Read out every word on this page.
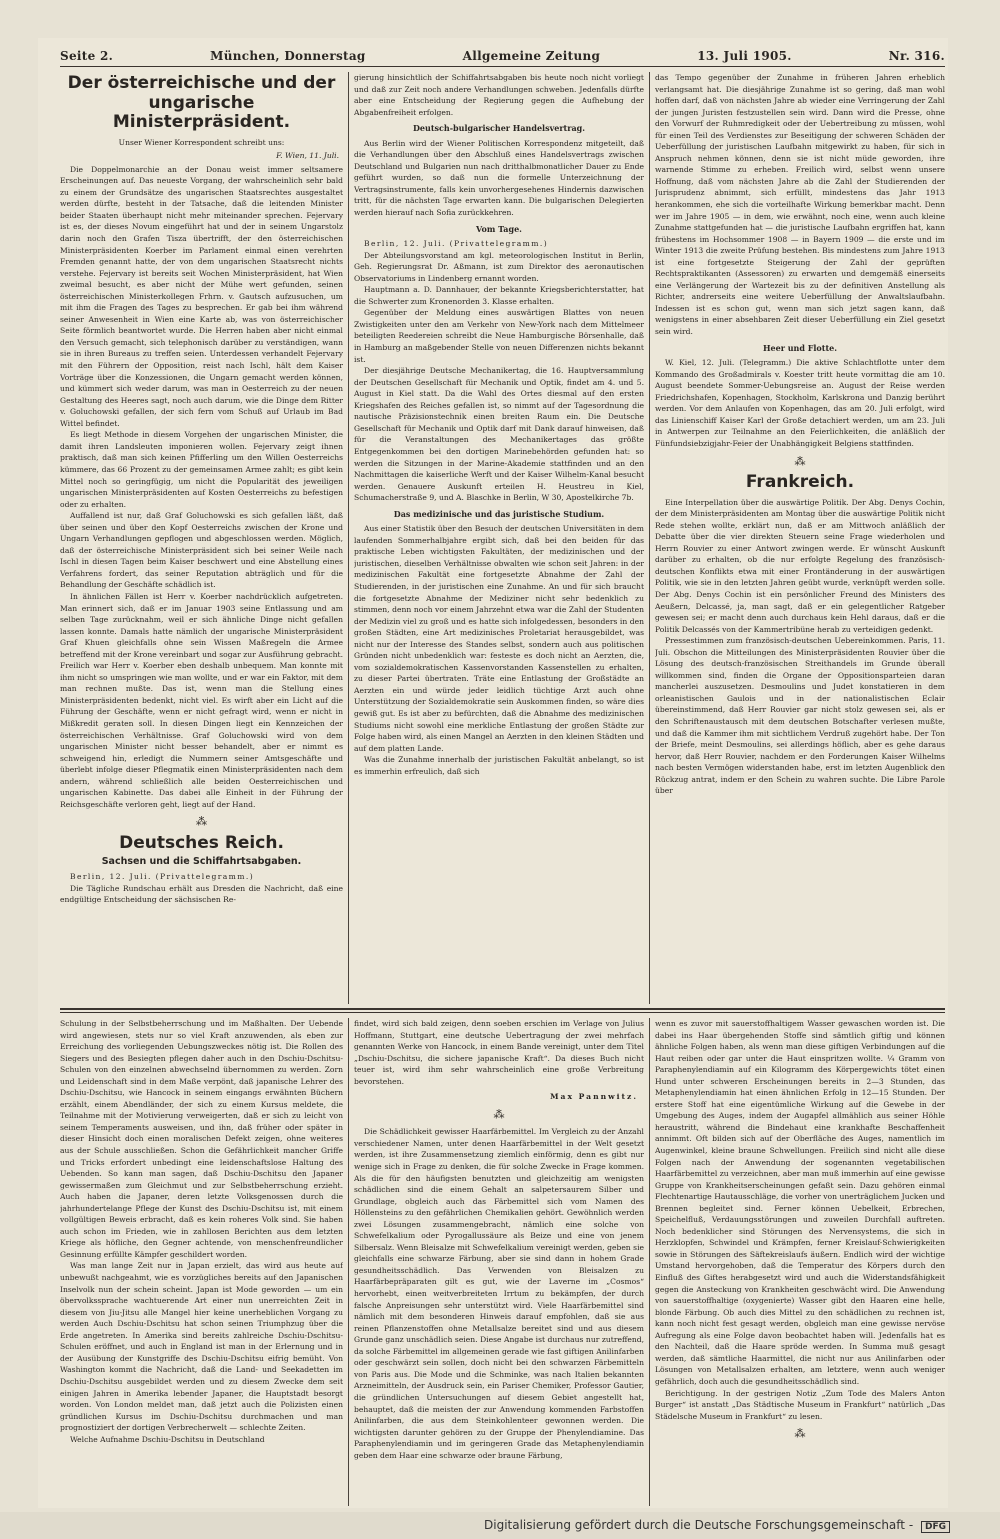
Seite 2.	München, Donnerstag	Allgemeine Zeitung	13. Juli 1905.	Nr. 316.
Der österreichische und der ungarische Ministerpräsident.

Unser Wiener Korrespondent schreibt uns:

F. Wien, 11. Juli.

Die Doppelmonarchie an der Donau weist immer seltsamere Erscheinungen auf. Das neueste Vorgang, der wahrscheinlich sehr bald zu einem der Grundsätze des ungarischen Staatsrechtes ausgestaltet werden dürfte, besteht in der Tatsache, daß die leitenden Minister beider Staaten überhaupt nicht mehr miteinander sprechen. Fejervary ist es, der dieses Novum eingeführt hat und der in seinem Ungarstolz darin noch den Grafen Tisza übertrifft, der den österreichischen Ministerpräsidenten Koerber im Parlament einmal einen verehrten Fremden genannt hatte, der von dem ungarischen Staatsrecht nichts verstehe. Fejervary ist bereits seit Wochen Ministerpräsident, hat Wien zweimal besucht, es aber nicht der Mühe wert gefunden, seinen österreichischen Ministerkollegen Frhrn. v. Gautsch aufzusuchen, um mit ihm die Fragen des Tages zu besprechen. Er gab bei ihm während seiner Anwesenheit in Wien eine Karte ab, was von österreichischer Seite förmlich beantwortet wurde. Die Herren haben aber nicht einmal den Versuch gemacht, sich telephonisch darüber zu verständigen, wann sie in ihren Bureaus zu treffen seien. Unterdessen verhandelt Fejervary mit den Führern der Opposition, reist nach Ischl, hält dem Kaiser Vorträge über die Konzessionen, die Ungarn gemacht werden können, und kümmert sich weder darum, was man in Oesterreich zu der neuen Gestaltung des Heeres sagt, noch auch darum, wie die Dinge dem Ritter v. Goluchowski gefallen, der sich fern vom Schuß auf Urlaub im Bad Wittel befindet.

Es liegt Methode in diesem Vorgehen der ungarischen Minister, die damit ihren Landsleuten imponieren wollen. Fejervary zeigt ihnen praktisch, daß man sich keinen Pfifferling um den Willen Oesterreichs kümmere, das 66 Prozent zu der gemeinsamen Armee zahlt; es gibt kein Mittel noch so geringfügig, um nicht die Popularität des jeweiligen ungarischen Ministerpräsidenten auf Kosten Oesterreichs zu befestigen oder zu erhalten.

Auffallend ist nur, daß Graf Goluchowski es sich gefallen läßt, daß über seinen und über den Kopf Oesterreichs zwischen der Krone und Ungarn Verhandlungen gepflogen und abgeschlossen werden. Möglich, daß der österreichische Ministerpräsident sich bei seiner Weile nach Ischl in diesen Tagen beim Kaiser beschwert und eine Abstellung eines Verfahrens fordert, das seiner Reputation abträglich und für die Behandlung der Geschäfte schädlich ist.

In ähnlichen Fällen ist Herr v. Koerber nachdrücklich aufgetreten. Man erinnert sich, daß er im Januar 1903 seine Entlassung und am selben Tage zurücknahm, weil er sich ähnliche Dinge nicht gefallen lassen konnte. Damals hatte nämlich der ungarische Ministerpräsident Graf Khuen gleichfalls ohne sein Wissen Maßregeln die Armee betreffend mit der Krone vereinbart und sogar zur Ausführung gebracht. Freilich war Herr v. Koerber eben deshalb unbequem. Man konnte mit ihm nicht so umspringen wie man wollte, und er war ein Faktor, mit dem man rechnen mußte. Das ist, wenn man die Stellung eines Ministerpräsidenten bedenkt, nicht viel. Es wirft aber ein Licht auf die Führung der Geschäfte, wenn er nicht gefragt wird, wenn er nicht in Mißkredit geraten soll. In diesen Dingen liegt ein Kennzeichen der österreichischen Verhältnisse. Graf Goluchowski wird von dem ungarischen Minister nicht besser behandelt, aber er nimmt es schweigend hin, erledigt die Nummern seiner Amtsgeschäfte und überlebt infolge dieser Pflegmatik einen Ministerpräsidenten nach dem andern, während schließlich alle beiden Oesterreichischen und ungarischen Kabinette. Das dabei alle Einheit in der Führung der Reichsgeschäfte verloren geht, liegt auf der Hand.

⁂
Deutsches Reich.
Sachsen und die Schiffahrtsabgaben.

Berlin, 12. Juli. (Privattelegramm.)

Die Tägliche Rundschau erhält aus Dresden die Nachricht, daß eine endgültige Entscheidung der sächsischen Re-

gierung hinsichtlich der Schiffahrtsabgaben bis heute noch nicht vorliegt und daß zur Zeit noch andere Verhandlungen schweben. Jedenfalls dürfte aber eine Entscheidung der Regierung gegen die Aufhebung der Abgabenfreiheit erfolgen.

Deutsch-bulgarischer Handelsvertrag.

Aus Berlin wird der Wiener Politischen Korrespondenz mitgeteilt, daß die Verhandlungen über den Abschluß eines Handelsvertrags zwischen Deutschland und Bulgarien nun nach dritthalbmonatlicher Dauer zu Ende geführt wurden, so daß nun die formelle Unterzeichnung der Vertragsinstrumente, falls kein unvorhergesehenes Hindernis dazwischen tritt, für die nächsten Tage erwarten kann. Die bulgarischen Delegierten werden hierauf nach Sofia zurückkehren.

Vom Tage.

Berlin, 12. Juli. (Privattelegramm.)

Der Abteilungsvorstand am kgl. meteorologischen Institut in Berlin, Geh. Regierungsrat Dr. Aßmann, ist zum Direktor des aeronautischen Observatoriums in Lindenberg ernannt worden.

Hauptmann a. D. Dannhauer, der bekannte Kriegsberichterstatter, hat die Schwerter zum Kronenorden 3. Klasse erhalten.

Gegenüber der Meldung eines auswärtigen Blattes von neuen Zwistigkeiten unter den am Verkehr von New-York nach dem Mittelmeer beteiligten Reedereien schreibt die Neue Hamburgische Börsenhalle, daß in Hamburg an maßgebender Stelle von neuen Differenzen nichts bekannt ist.

Der diesjährige Deutsche Mechanikertag, die 16. Hauptversammlung der Deutschen Gesellschaft für Mechanik und Optik, findet am 4. und 5. August in Kiel statt. Da die Wahl des Ortes diesmal auf den ersten Kriegshafen des Reiches gefallen ist, so nimmt auf der Tagesordnung die nautische Präzisionstechnik einen breiten Raum ein. Die Deutsche Gesellschaft für Mechanik und Optik darf mit Dank darauf hinweisen, daß für die Veranstaltungen des Mechanikertages das größte Entgegenkommen bei den dortigen Marinebehörden gefunden hat: so werden die Sitzungen in der Marine-Akademie stattfinden und an den Nachmittagen die kaiserliche Werft und der Kaiser Wilhelm-Kanal besucht werden. Genauere Auskunft erteilen H. Heustreu in Kiel, Schumacherstraße 9, und A. Blaschke in Berlin, W 30, Apostelkirche 7b.

Das medizinische und das juristische Studium.

Aus einer Statistik über den Besuch der deutschen Universitäten in dem laufenden Sommerhalbjahre ergibt sich, daß bei den beiden für das praktische Leben wichtigsten Fakultäten, der medizinischen und der juristischen, dieselben Verhältnisse obwalten wie schon seit Jahren: in der medizinischen Fakultät eine fortgesetzte Abnahme der Zahl der Studierenden, in der juristischen eine Zunahme. An und für sich braucht die fortgesetzte Abnahme der Mediziner nicht sehr bedenklich zu stimmen, denn noch vor einem Jahrzehnt etwa war die Zahl der Studenten der Medizin viel zu groß und es hatte sich infolgedessen, besonders in den großen Städten, eine Art medizinisches Proletariat herausgebildet, was nicht nur der Interesse des Standes selbst, sondern auch aus politischen Gründen nicht unbedenklich war: festeste es doch nicht an Aerzten, die, vom sozialdemokratischen Kassenvorstanden Kassenstellen zu erhalten, zu dieser Partei übertraten. Träte eine Entlastung der Großstädte an Aerzten ein und würde jeder leidlich tüchtige Arzt auch ohne Unterstützung der Sozialdemokratie sein Auskommen finden, so wäre dies gewiß gut. Es ist aber zu befürchten, daß die Abnahme des medizinischen Studiums nicht sowohl eine merkliche Entlastung der großen Städte zur Folge haben wird, als einen Mangel an Aerzten in den kleinen Städten und auf dem platten Lande.

Was die Zunahme innerhalb der juristischen Fakultät anbelangt, so ist es immerhin erfreulich, daß sich

das Tempo gegenüber der Zunahme in früheren Jahren erheblich verlangsamt hat. Die diesjährige Zunahme ist so gering, daß man wohl hoffen darf, daß von nächsten Jahre ab wieder eine Verringerung der Zahl der jungen Juristen festzustellen sein wird. Dann wird die Presse, ohne den Vorwurf der Ruhmredigkeit oder der Uebertreibung zu müssen, wohl für einen Teil des Verdienstes zur Beseitigung der schweren Schäden der Ueberfüllung der juristischen Laufbahn mitgewirkt zu haben, für sich in Anspruch nehmen können, denn sie ist nicht müde geworden, ihre warnende Stimme zu erheben. Freilich wird, selbst wenn unsere Hoffnung, daß vom nächsten Jahre ab die Zahl der Studierenden der Jurisprudenz abnimmt, sich erfüllt, mindestens das Jahr 1913 herankommen, ehe sich die vorteilhafte Wirkung bemerkbar macht. Denn wer im Jahre 1905 — in dem, wie erwähnt, noch eine, wenn auch kleine Zunahme stattgefunden hat — die juristische Laufbahn ergriffen hat, kann frühestens im Hochsommer 1908 — in Bayern 1909 — die erste und im Winter 1913 die zweite Prüfung bestehen. Bis mindestens zum Jahre 1913 ist eine fortgesetzte Steigerung der Zahl der geprüften Rechtspraktikanten (Assessoren) zu erwarten und demgemäß einerseits eine Verlängerung der Wartezeit bis zu der definitiven Anstellung als Richter, andrerseits eine weitere Ueberfüllung der Anwaltslaufbahn. Indessen ist es schon gut, wenn man sich jetzt sagen kann, daß wenigstens in einer absehbaren Zeit dieser Ueberfüllung ein Ziel gesetzt sein wird.

Heer und Flotte.

W. Kiel, 12. Juli. (Telegramm.) Die aktive Schlachtflotte unter dem Kommando des Großadmirals v. Koester tritt heute vormittag die am 10. August beendete Sommer-Uebungsreise an. August der Reise werden Friedrichshafen, Kopenhagen, Stockholm, Karlskrona und Danzig berührt werden. Vor dem Anlaufen von Kopenhagen, das am 20. Juli erfolgt, wird das Linienschiff Kaiser Karl der Große detachiert werden, um am 23. Juli in Antwerpen zur Teilnahme an den Feierlichkeiten, die anläßlich der Fünfundsiebzigjahr-Feier der Unabhängigkeit Belgiens stattfinden.

⁂
Frankreich.

Eine Interpellation über die auswärtige Politik. Der Abg. Denys Cochin, der dem Ministerpräsidenten am Montag über die auswärtige Politik nicht Rede stehen wollte, erklärt nun, daß er am Mittwoch anläßlich der Debatte über die vier direkten Steuern seine Frage wiederholen und Herrn Rouvier zu einer Antwort zwingen werde. Er wünscht Auskunft darüber zu erhalten, ob die nur erfolgte Regelung des französisch-deutschen Konflikts etwa mit einer Frontänderung in der auswärtigen Politik, wie sie in den letzten Jahren geübt wurde, verknüpft werden solle. Der Abg. Denys Cochin ist ein persönlicher Freund des Ministers des Aeußern, Delcassé, ja, man sagt, daß er ein gelegentlicher Ratgeber gewesen sei; er macht denn auch durchaus kein Hehl daraus, daß er die Politik Delcassés von der Kammertribüne herab zu verteidigen gedenkt.

Pressestimmen zum französisch-deutschen Uebereinkommen. Paris, 11. Juli. Obschon die Mitteilungen des Ministerpräsidenten Rouvier über die Lösung des deutsch-französischen Streithandels im Grunde überall willkommen sind, finden die Organe der Oppositionsparteien daran mancherlei auszusetzen. Desmoulins und Judet konstatieren in dem orleanistischen Gaulois und in der nationalistischen Eclair übereinstimmend, daß Herr Rouvier gar nicht stolz gewesen sei, als er den Schriftenaustausch mit dem deutschen Botschafter verlesen mußte, und daß die Kammer ihm mit sichtlichem Verdruß zugehört habe. Der Ton der Briefe, meint Desmoulins, sei allerdings höflich, aber es gehe daraus hervor, daß Herr Rouvier, nachdem er den Forderungen Kaiser Wilhelms nach besten Vermögen widerstanden habe, erst im letzten Augenblick den Rückzug antrat, indem er den Schein zu wahren suchte. Die Libre Parole über

Schulung in der Selbstbeherrschung und im Maßhalten. Der Uebende wird angewiesen, stets nur so viel Kraft anzuwenden, als eben zur Erreichung des vorliegenden Uebungszweckes nötig ist. Die Rollen des Siegers und des Besiegten pflegen daher auch in den Dschiu-Dschitsu-Schulen von den einzelnen abwechselnd übernommen zu werden. Zorn und Leidenschaft sind in dem Maße verpönt, daß japanische Lehrer des Dschiu-Dschitsu, wie Hancock in seinem eingangs erwähnten Büchern erzählt, einem Abendländer, der sich zu einem Kursus meldete, die Teilnahme mit der Motivierung verweigerten, daß er sich zu leicht von seinem Temperaments ausweisen, und ihn, daß früher oder später in dieser Hinsicht doch einen moralischen Defekt zeigen, ohne weiteres aus der Schule ausschließen. Schon die Gefährlichkeit mancher Griffe und Tricks erfordert unbedingt eine leidenschaftslose Haltung des Uebenden. So kann man sagen, daß Dschiu-Dschitsu den Japaner gewissermaßen zum Gleichmut und zur Selbstbeherrschung erzieht. Auch haben die Japaner, deren letzte Volksgenossen durch die jahrhundertelange Pflege der Kunst des Dschiu-Dschitsu ist, mit einem vollgültigen Beweis erbracht, daß es kein roheres Volk sind. Sie haben auch schon im Frieden, wie in zahllosen Berichten aus dem letzten Kriege als höfliche, den Gegner achtende, von menschenfreundlicher Gesinnung erfüllte Kämpfer geschildert worden.

Was man lange Zeit nur in Japan erzielt, das wird aus heute auf unbewußt nachgeahmt, wie es vorzügliches bereits auf den Japanischen Inselvolk nun der schein scheint. Japan ist Mode geworden — um ein öbervolkssprache wachtuerende Art einer nun unerreichten Zeit in diesem von Jiu-Jitsu alle Mangel hier keine unerheblichen Vorgang zu werden Auch Dschiu-Dschitsu hat schon seinen Triumphzug über die Erde angetreten. In Amerika sind bereits zahlreiche Dschiu-Dschitsu-Schulen eröffnet, und auch in England ist man in der Erlernung und in der Ausübung der Kunstgriffe des Dschiu-Dschitsu eifrig bemüht. Von Washington kommt die Nachricht, daß die Land- und Seekadetten im Dschiu-Dschitsu ausgebildet werden und zu diesem Zwecke dem seit einigen Jahren in Amerika lebender Japaner, die Hauptstadt besorgt worden. Von London meldet man, daß jetzt auch die Polizisten einen gründlichen Kursus im Dschiu-Dschitsu durchmachen und man prognostiziert der dortigen Verbrecherwelt — schlechte Zeiten.

Welche Aufnahme Dschiu-Dschitsu in Deutschland

findet, wird sich bald zeigen, denn soeben erschien im Verlage von Julius Hoffmann, Stuttgart, eine deutsche Uebertragung der zwei mehrfach genannten Werke von Hancock, in einem Bande vereinigt, unter dem Titel „Dschiu-Dschitsu, die sichere japanische Kraft“. Da dieses Buch nicht teuer ist, wird ihm sehr wahrscheinlich eine große Verbreitung bevorstehen.

Max Pannwitz.
⁂

Die Schädlichkeit gewisser Haarfärbemittel. Im Vergleich zu der Anzahl verschiedener Namen, unter denen Haarfärbemittel in der Welt gesetzt werden, ist ihre Zusammensetzung ziemlich einförmig, denn es gibt nur wenige sich in Frage zu denken, die für solche Zwecke in Frage kommen. Als die für den häufigsten benutzten und gleichzeitig am wenigsten schädlichen sind die einem Gehalt an salpetersaurem Silber und Grundlage, obgleich auch das Färbemittel sich vom Namen des Höllensteins zu den gefährlichen Chemikalien gehört. Gewöhnlich werden zwei Lösungen zusammengebracht, nämlich eine solche von Schwefelkalium oder Pyrogallussäure als Beize und eine von jenem Silbersalz. Wenn Bleisalze mit Schwefelkalium vereinigt werden, geben sie gleichfalls eine schwarze Färbung, aber sie sind dann in hohem Grade gesundheitsschädlich. Das Verwenden von Bleisalzen zu Haarfärbepräparaten gilt es gut, wie der Laverne im „Cosmos“ hervorhebt, einen weitverbreiteten Irrtum zu bekämpfen, der durch falsche Anpreisungen sehr unterstützt wird. Viele Haarfärbemittel sind nämlich mit dem besonderen Hinweis darauf empfohlen, daß sie aus reinen Pflanzenstoffen ohne Metallsalze bereitet sind und aus diesem Grunde ganz unschädlich seien. Diese Angabe ist durchaus nur zutreffend, da solche Färbemittel im allgemeinen gerade wie fast giftigen Anilinfarben oder geschwärzt sein sollen, doch nicht bei den schwarzen Färbemitteln von Paris aus. Die Mode und die Schminke, was nach Italien bekannten Arzneimitteln, der Ausdruck sein, ein Pariser Chemiker, Professor Gautier, die gründlichen Untersuchungen auf diesem Gebiet angestellt hat, behauptet, daß die meisten der zur Anwendung kommenden Farbstoffen Anilinfarben, die aus dem Steinkohlenteer gewonnen werden. Die wichtigsten darunter gehören zu der Gruppe der Phenylendiamine. Das Paraphenylendiamin und im geringeren Grade das Metaphenylendiamin geben dem Haar eine schwarze oder braune Färbung,

wenn es zuvor mit sauerstoffhaltigem Wasser gewaschen worden ist. Die dabei ins Haar übergehenden Stoffe sind sämtlich giftig und können ähnliche Folgen haben, als wenn man diese giftigen Verbindungen auf die Haut reiben oder gar unter die Haut einspritzen wollte. ¼ Gramm von Paraphenylendiamin auf ein Kilogramm des Körpergewichts tötet einen Hund unter schweren Erscheinungen bereits in 2—3 Stunden, das Metaphenylendiamin hat einen ähnlichen Erfolg in 12—15 Stunden. Der erstere Stoff hat eine eigentümliche Wirkung auf die Gewebe in der Umgebung des Auges, indem der Augapfel allmählich aus seiner Höhle heraustritt, während die Bindehaut eine krankhafte Beschaffenheit annimmt. Oft bilden sich auf der Oberfläche des Auges, namentlich im Augenwinkel, kleine braune Schwellungen. Freilich sind nicht alle diese Folgen nach der Anwendung der sogenannten vegetabilischen Haarfärbemittel zu verzeichnen, aber man muß immerhin auf eine gewisse Gruppe von Krankheitserscheinungen gefaßt sein. Dazu gehören einmal Flechtenartige Hautausschläge, die vorher von unerträglichem Jucken und Brennen begleitet sind. Ferner können Uebelkeit, Erbrechen, Speichelfluß, Verdauungsstörungen und zuweilen Durchfall auftreten. Noch bedenklicher sind Störungen des Nervensystems, die sich in Herzklopfen, Schwindel und Krämpfen, ferner Kreislauf-Schwierigkeiten sowie in Störungen des Säftekreislaufs äußern. Endlich wird der wichtige Umstand hervorgehoben, daß die Temperatur des Körpers durch den Einfluß des Giftes herabgesetzt wird und auch die Widerstandsfähigkeit gegen die Ansteckung von Krankheiten geschwächt wird. Die Anwendung von sauerstoffhaltige (oxygenierte) Wasser gibt den Haaren eine helle, blonde Färbung. Ob auch dies Mittel zu den schädlichen zu rechnen ist, kann noch nicht fest gesagt werden, obgleich man eine gewisse nervöse Aufregung als eine Folge davon beobachtet haben will. Jedenfalls hat es den Nachteil, daß die Haare spröde werden. In Summa muß gesagt werden, daß sämtliche Haarmittel, die nicht nur aus Anilinfarben oder Lösungen von Metallsalzen erhalten, am letztere, wenn auch weniger gefährlich, doch auch die gesundheitsschädlich sind.

Berichtigung. In der gestrigen Notiz „Zum Tode des Malers Anton Burger“ ist anstatt „Das Städtische Museum in Frankfurt“ natürlich „Das Städelsche Museum in Frankfurt“ zu lesen.

⁂
Digitalisierung gefördert durch die Deutsche Forschungsgemeinschaft - DFG
